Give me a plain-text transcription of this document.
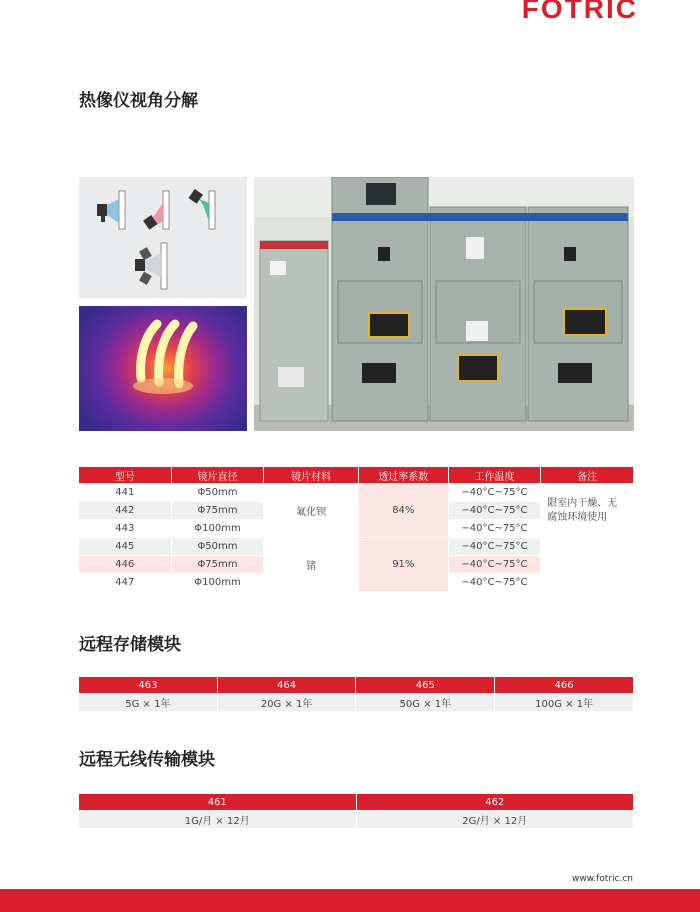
FOTRIC
热像仪视角分解
型号	镜片直径	镜片材料	透过率系数	工作温度	备注
441	Φ50mm	氟化钡	84%	−40°C~75°C	限室内干燥、无腐蚀环境使用
442	Φ75mm			−40°C~75°C	
443	Φ100mm			−40°C~75°C	
445	Φ50mm	锗	91%	−40°C~75°C	
446	Φ75mm			−40°C~75°C	
447	Φ100mm			−40°C~75°C	
远程存储模块
463	464	465	466
5G × 1年	20G × 1年	50G × 1年	100G × 1年
远程无线传输模块
461	462
1G/月 × 12月	2G/月 × 12月
www.fotric.cn
